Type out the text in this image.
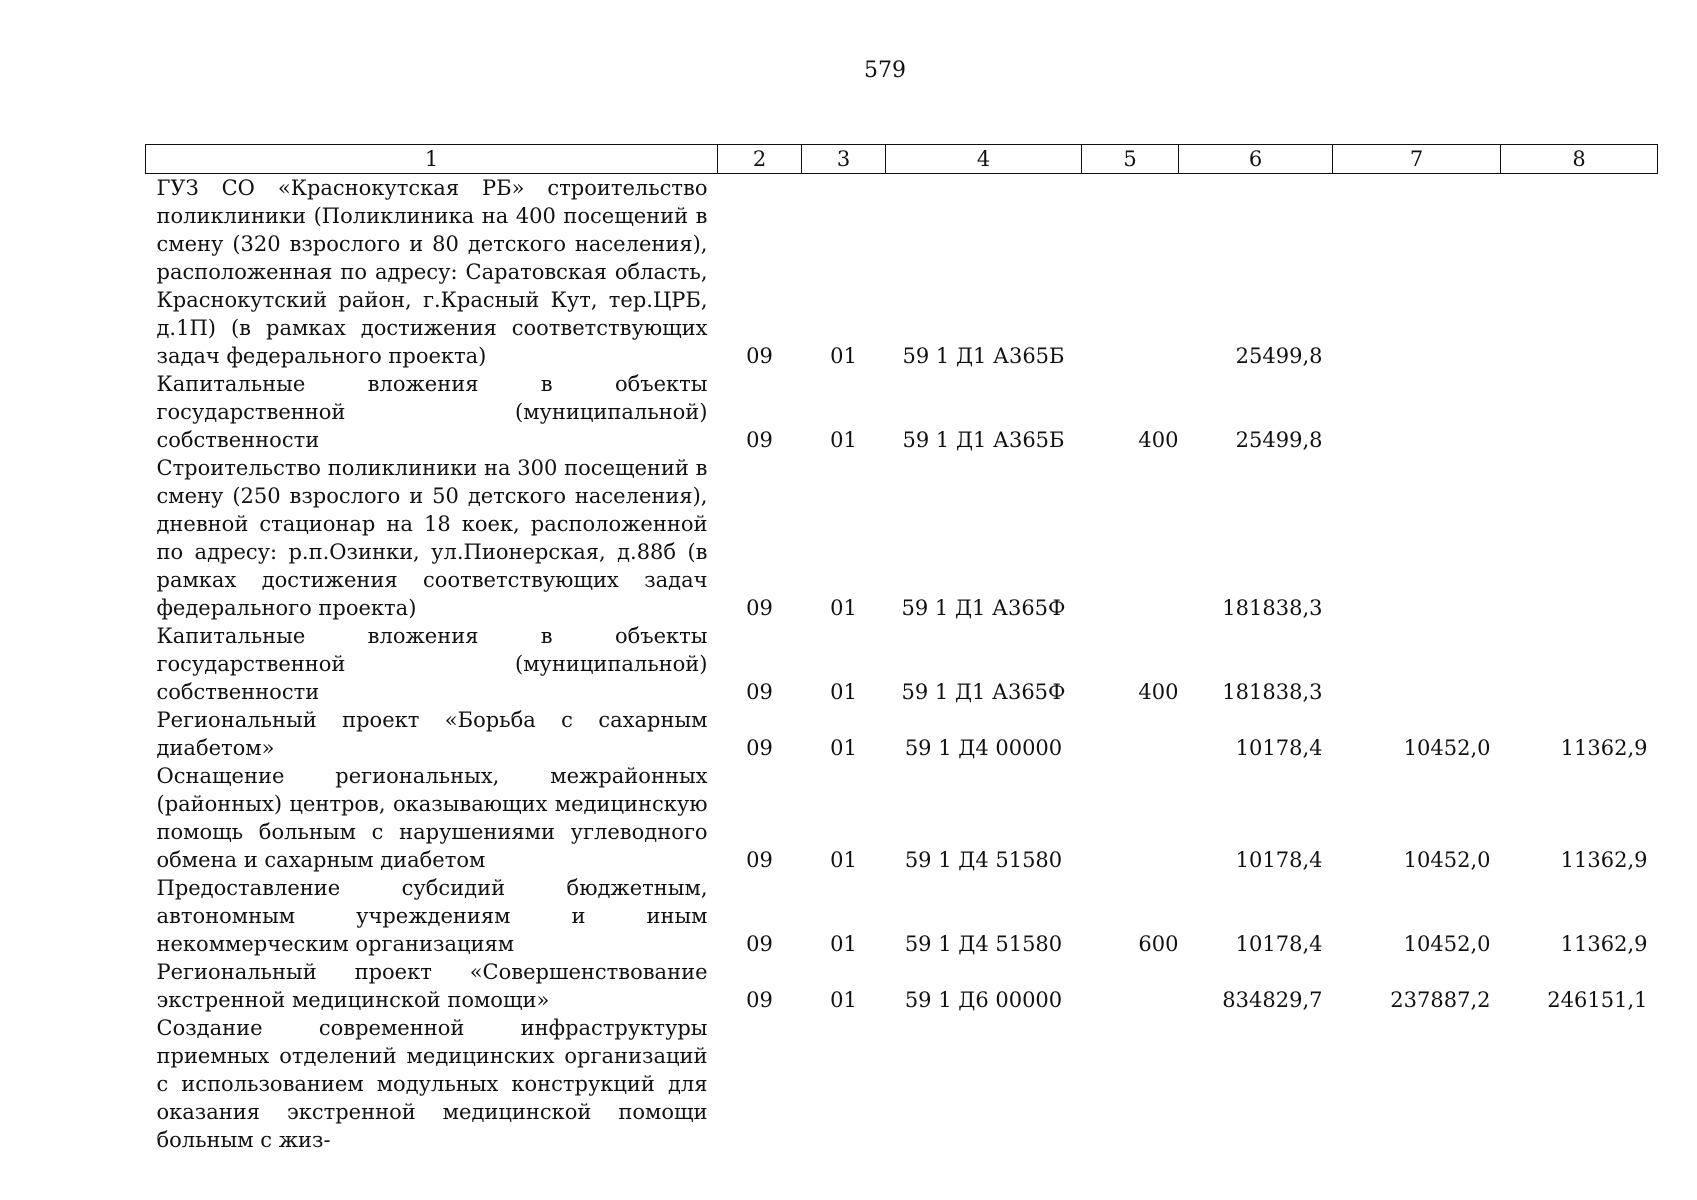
579
1	2	3	4	5	6	7	8
ГУЗ СО «Краснокутская РБ» строительство поликлиники (Поликлиника на 400 посещений в смену (320 взрослого и 80 детского населения), расположенная по адресу: Саратовская область, Краснокутский район, г.Красный Кут, тер.ЦРБ, д.1П) (в рамках достижения соответствующих задач федерального проекта)	09	01	59 1 Д1 А365Б		25499,8		
Капитальные вложения в объекты государственной (муниципальной) собственности	09	01	59 1 Д1 А365Б	400	25499,8		
Строительство поликлиники на 300 посещений в смену (250 взрослого и 50 детского населения), дневной стационар на 18 коек, расположенной по адресу: р.п.Озинки, ул.Пионерская, д.88б (в рамках достижения соответствующих задач федерального проекта)	09	01	59 1 Д1 А365Ф		181838,3		
Капитальные вложения в объекты государственной (муниципальной) собственности	09	01	59 1 Д1 А365Ф	400	181838,3		
Региональный проект «Борьба с сахарным диабетом»	09	01	59 1 Д4 00000		10178,4	10452,0	11362,9
Оснащение региональных, межрайонных (районных) центров, оказывающих медицинскую помощь больным с нарушениями углеводного обмена и сахарным диабетом	09	01	59 1 Д4 51580		10178,4	10452,0	11362,9
Предоставление субсидий бюджетным, автономным учреждениям и иным некоммерческим организациям	09	01	59 1 Д4 51580	600	10178,4	10452,0	11362,9
Региональный проект «Совершенствование экстренной медицинской помощи»	09	01	59 1 Д6 00000		834829,7	237887,2	246151,1
Создание современной инфраструктуры приемных отделений медицинских организаций с использованием модульных конструкций для оказания экстренной медицинской помощи больным с жиз-							
